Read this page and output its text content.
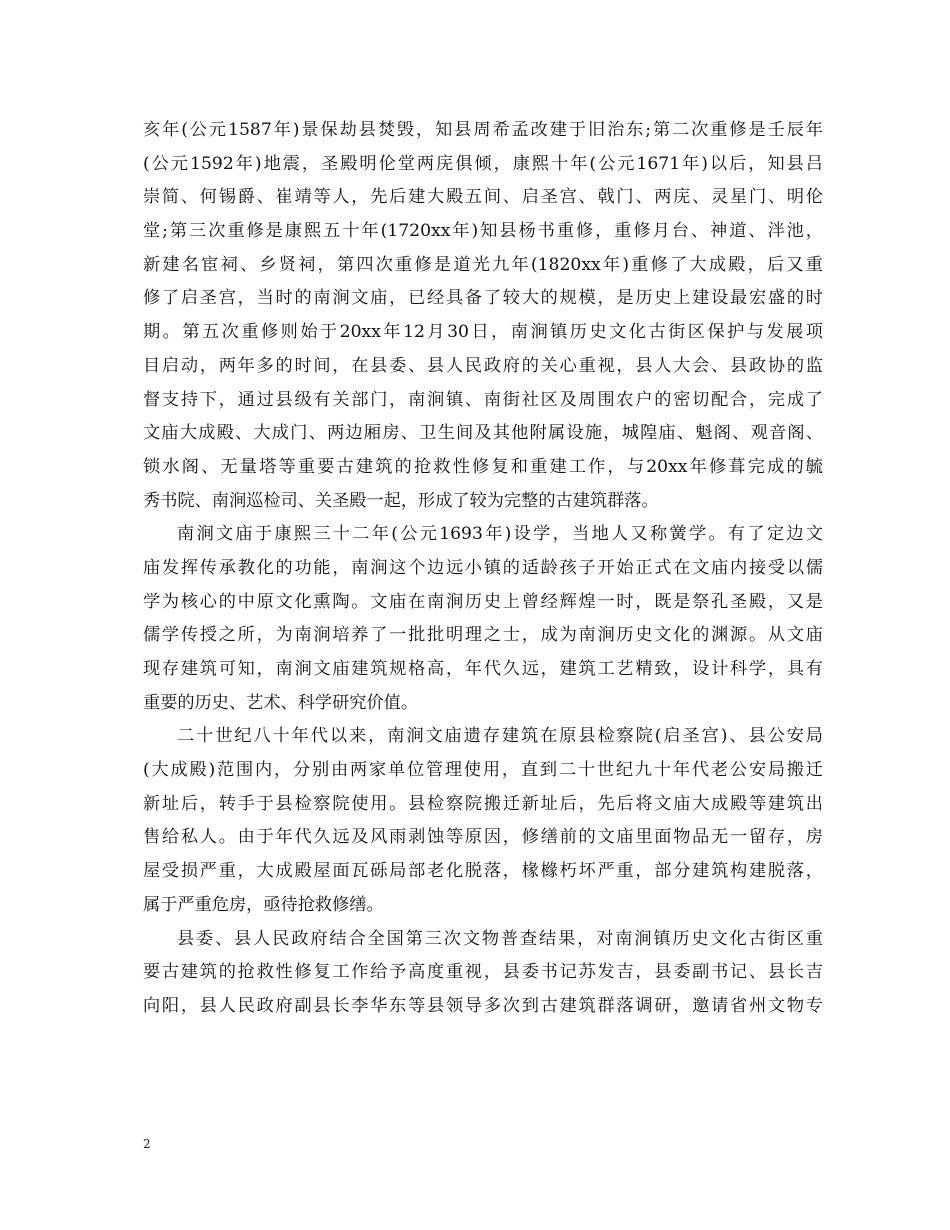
亥年(公元1587年)景保劫县焚毁，知县周希孟改建于旧治东;第二次重修是壬辰年
(公元1592年)地震，圣殿明伦堂两庑俱倾，康熙十年(公元1671年)以后，知县吕
崇简、何锡爵、崔靖等人，先后建大殿五间、启圣宫、戟门、两庑、灵星门、明伦
堂;第三次重修是康熙五十年(1720xx年)知县杨书重修，重修月台、神道、泮池，
新建名宦祠、乡贤祠，第四次重修是道光九年(1820xx年)重修了大成殿，后又重
修了启圣宫，当时的南涧文庙，已经具备了较大的规模，是历史上建设最宏盛的时
期。第五次重修则始于20xx年12月30日，南涧镇历史文化古街区保护与发展项
目启动，两年多的时间，在县委、县人民政府的关心重视，县人大会、县政协的监
督支持下，通过县级有关部门，南涧镇、南街社区及周围农户的密切配合，完成了
文庙大成殿、大成门、两边厢房、卫生间及其他附属设施，城隍庙、魁阁、观音阁、
锁水阁、无量塔等重要古建筑的抢救性修复和重建工作，与20xx年修葺完成的毓
秀书院、南涧巡检司、关圣殿一起，形成了较为完整的古建筑群落。
南涧文庙于康熙三十二年(公元1693年)设学，当地人又称黉学。有了定边文
庙发挥传承教化的功能，南涧这个边远小镇的适龄孩子开始正式在文庙内接受以儒
学为核心的中原文化熏陶。文庙在南涧历史上曾经辉煌一时，既是祭孔圣殿，又是
儒学传授之所，为南涧培养了一批批明理之士，成为南涧历史文化的渊源。从文庙
现存建筑可知，南涧文庙建筑规格高，年代久远，建筑工艺精致，设计科学，具有
重要的历史、艺术、科学研究价值。
二十世纪八十年代以来，南涧文庙遗存建筑在原县检察院(启圣宫)、县公安局
(大成殿)范围内，分别由两家单位管理使用，直到二十世纪九十年代老公安局搬迁
新址后，转手于县检察院使用。县检察院搬迁新址后，先后将文庙大成殿等建筑出
售给私人。由于年代久远及风雨剥蚀等原因，修缮前的文庙里面物品无一留存，房
屋受损严重，大成殿屋面瓦砾局部老化脱落，椽橼朽坏严重，部分建筑构建脱落，
属于严重危房，亟待抢救修缮。
县委、县人民政府结合全国第三次文物普查结果，对南涧镇历史文化古街区重
要古建筑的抢救性修复工作给予高度重视，县委书记苏发吉，县委副书记、县长吉
向阳，县人民政府副县长李华东等县领导多次到古建筑群落调研，邀请省州文物专
2
